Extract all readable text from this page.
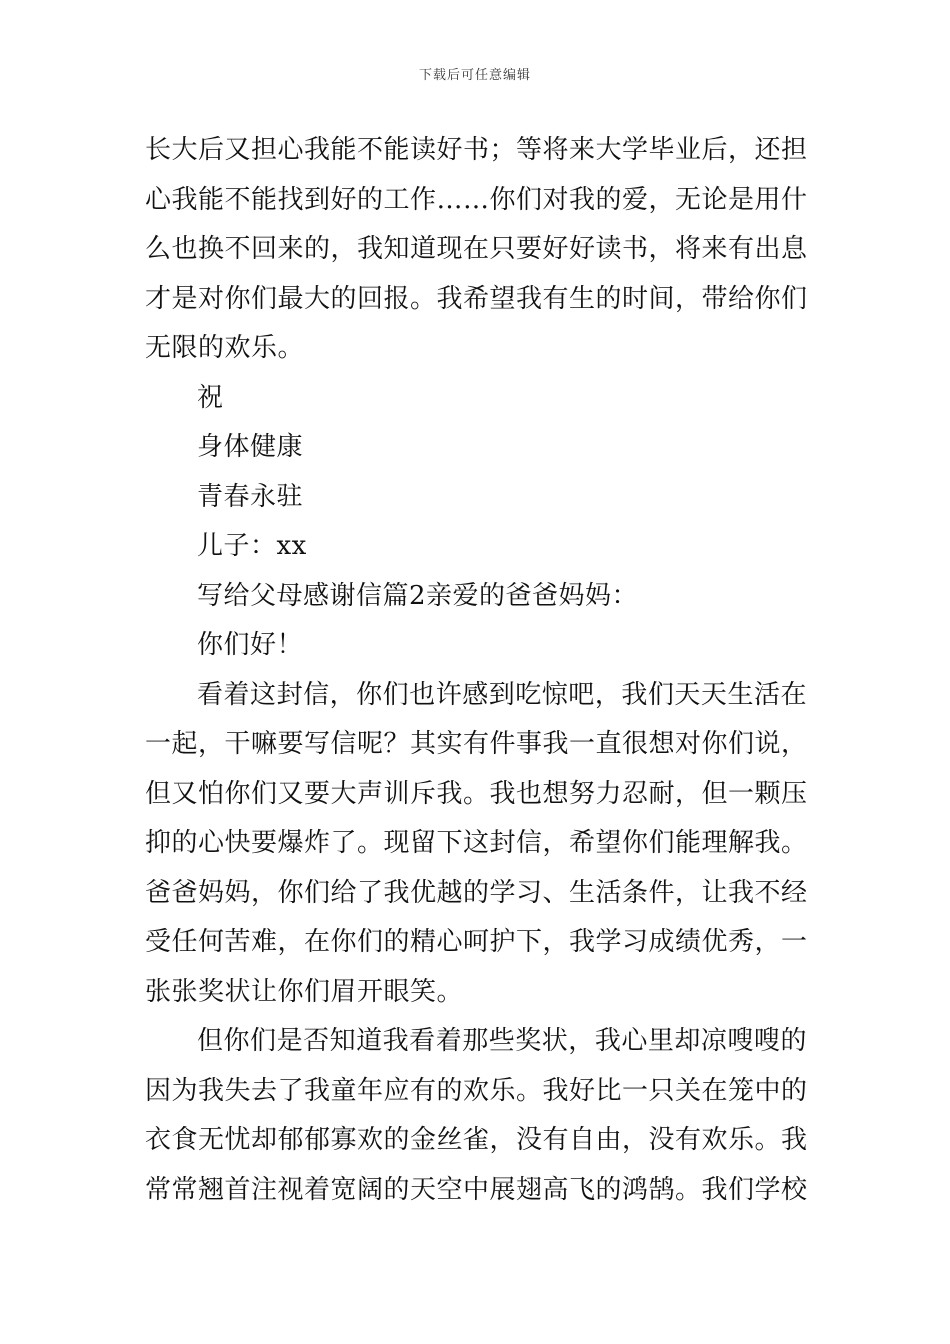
下载后可任意编辑
长大后又担心我能不能读好书；等将来大学毕业后，还担
心我能不能找到好的工作……你们对我的爱，无论是用什
么也换不回来的，我知道现在只要好好读书，将来有出息
才是对你们最大的回报。我希望我有生的时间，带给你们
无限的欢乐。
祝
身体健康
青春永驻
儿子：xx
写给父母感谢信篇2亲爱的爸爸妈妈：
你们好！
看着这封信，你们也许感到吃惊吧，我们天天生活在
一起，干嘛要写信呢？其实有件事我一直很想对你们说，
但又怕你们又要大声训斥我。我也想努力忍耐，但一颗压
抑的心快要爆炸了。现留下这封信，希望你们能理解我。
爸爸妈妈，你们给了我优越的学习、生活条件，让我不经
受任何苦难，在你们的精心呵护下，我学习成绩优秀，一
张张奖状让你们眉开眼笑。
但你们是否知道我看着那些奖状，我心里却凉嗖嗖的
因为我失去了我童年应有的欢乐。我好比一只关在笼中的
衣食无忧却郁郁寡欢的金丝雀，没有自由，没有欢乐。我
常常翘首注视着宽阔的天空中展翅高飞的鸿鹄。我们学校
